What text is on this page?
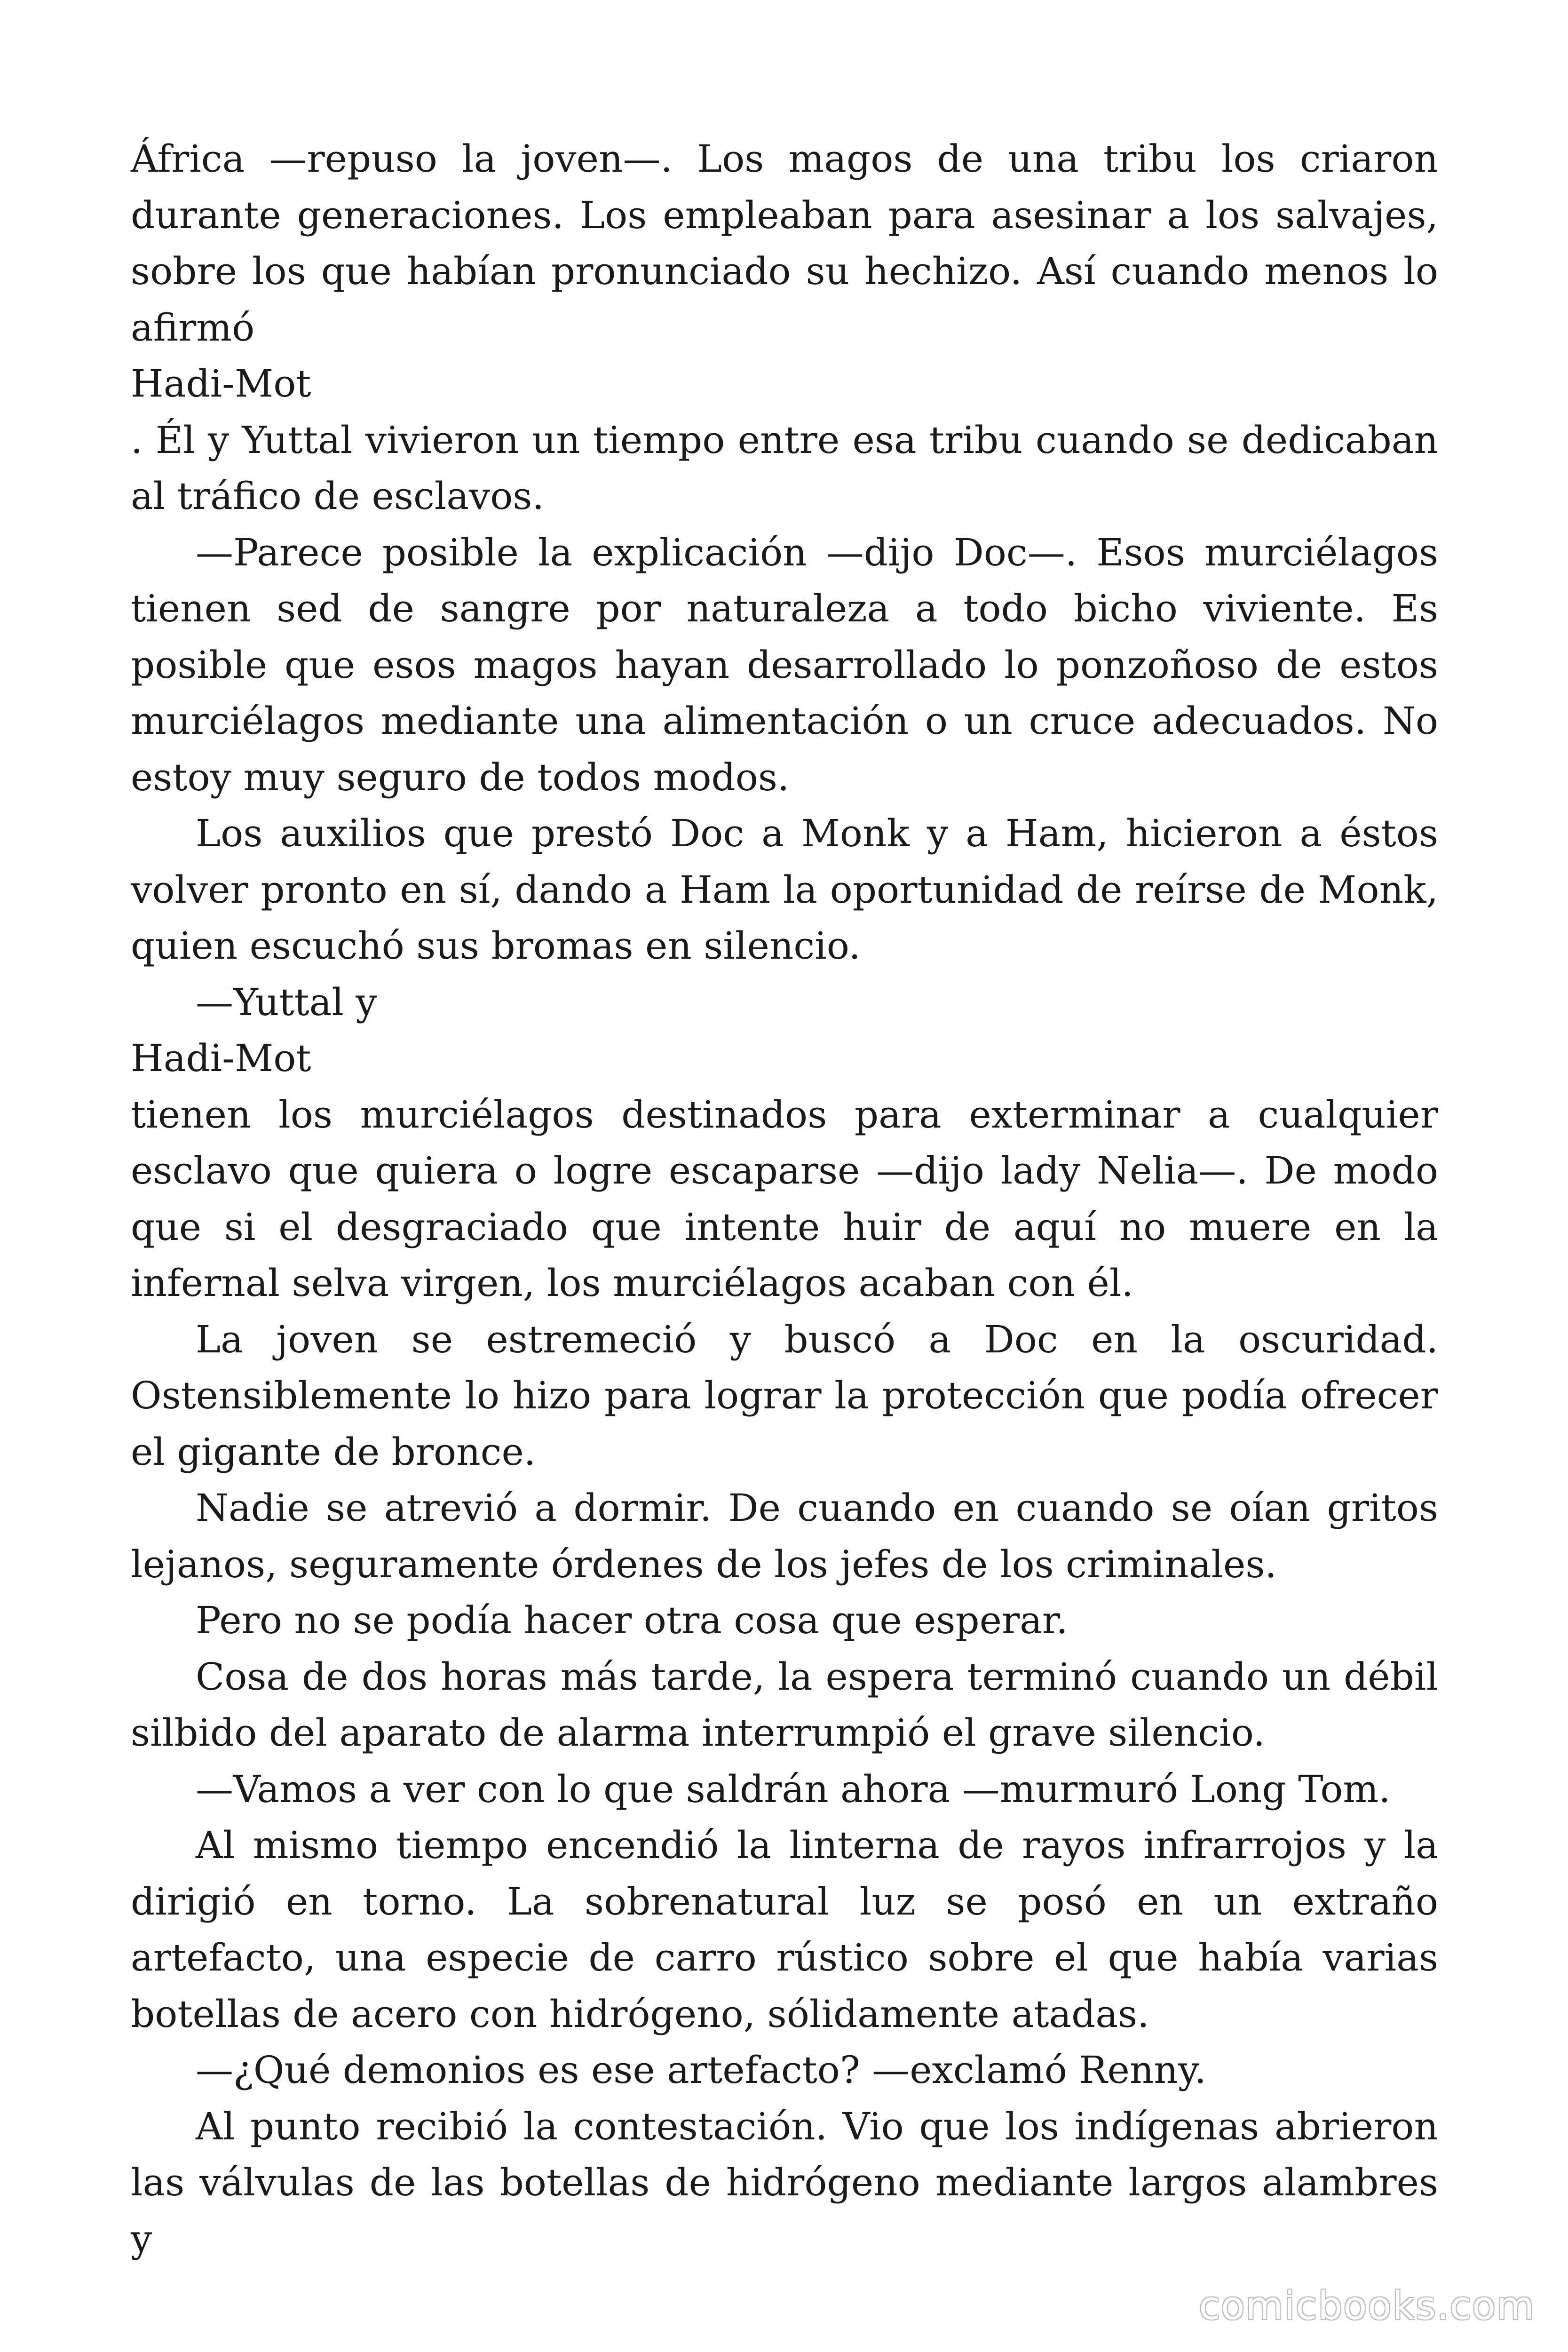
África —repuso la joven—. Los magos de una tribu los criaron durante generaciones. Los empleaban para asesinar a los salvajes, sobre los que habían pronunciado su hechizo. Así cuando menos lo afirmó

Hadi-Mot

. Él y Yuttal vivieron un tiempo entre esa tribu cuando se dedicaban al tráfico de esclavos.

—Parece posible la explicación —dijo Doc—. Esos murciélagos tienen sed de sangre por naturaleza a todo bicho viviente. Es posible que esos magos hayan desarrollado lo ponzoñoso de estos murciélagos mediante una alimentación o un cruce adecuados. No estoy muy seguro de todos modos.

Los auxilios que prestó Doc a Monk y a Ham, hicieron a éstos volver pronto en sí, dando a Ham la oportunidad de reírse de Monk, quien escuchó sus bromas en silencio.

—Yuttal y

Hadi-Mot

tienen los murciélagos destinados para exterminar a cualquier esclavo que quiera o logre escaparse —dijo lady Nelia—. De modo que si el desgraciado que intente huir de aquí no muere en la infernal selva virgen, los murciélagos acaban con él.

La joven se estremeció y buscó a Doc en la oscuridad. Ostensiblemente lo hizo para lograr la protección que podía ofrecer el gigante de bronce.

Nadie se atrevió a dormir. De cuando en cuando se oían gritos lejanos, seguramente órdenes de los jefes de los criminales.

Pero no se podía hacer otra cosa que esperar.

Cosa de dos horas más tarde, la espera terminó cuando un débil silbido del aparato de alarma interrumpió el grave silencio.

—Vamos a ver con lo que saldrán ahora —murmuró Long Tom.

Al mismo tiempo encendió la linterna de rayos infrarrojos y la dirigió en torno. La sobrenatural luz se posó en un extraño artefacto, una especie de carro rústico sobre el que había varias botellas de acero con hidrógeno, sólidamente atadas.

—¿Qué demonios es ese artefacto? —exclamó Renny.

Al punto recibió la contestación. Vio que los indígenas abrieron las válvulas de las botellas de hidrógeno mediante largos alambres y

comicbooks.com
